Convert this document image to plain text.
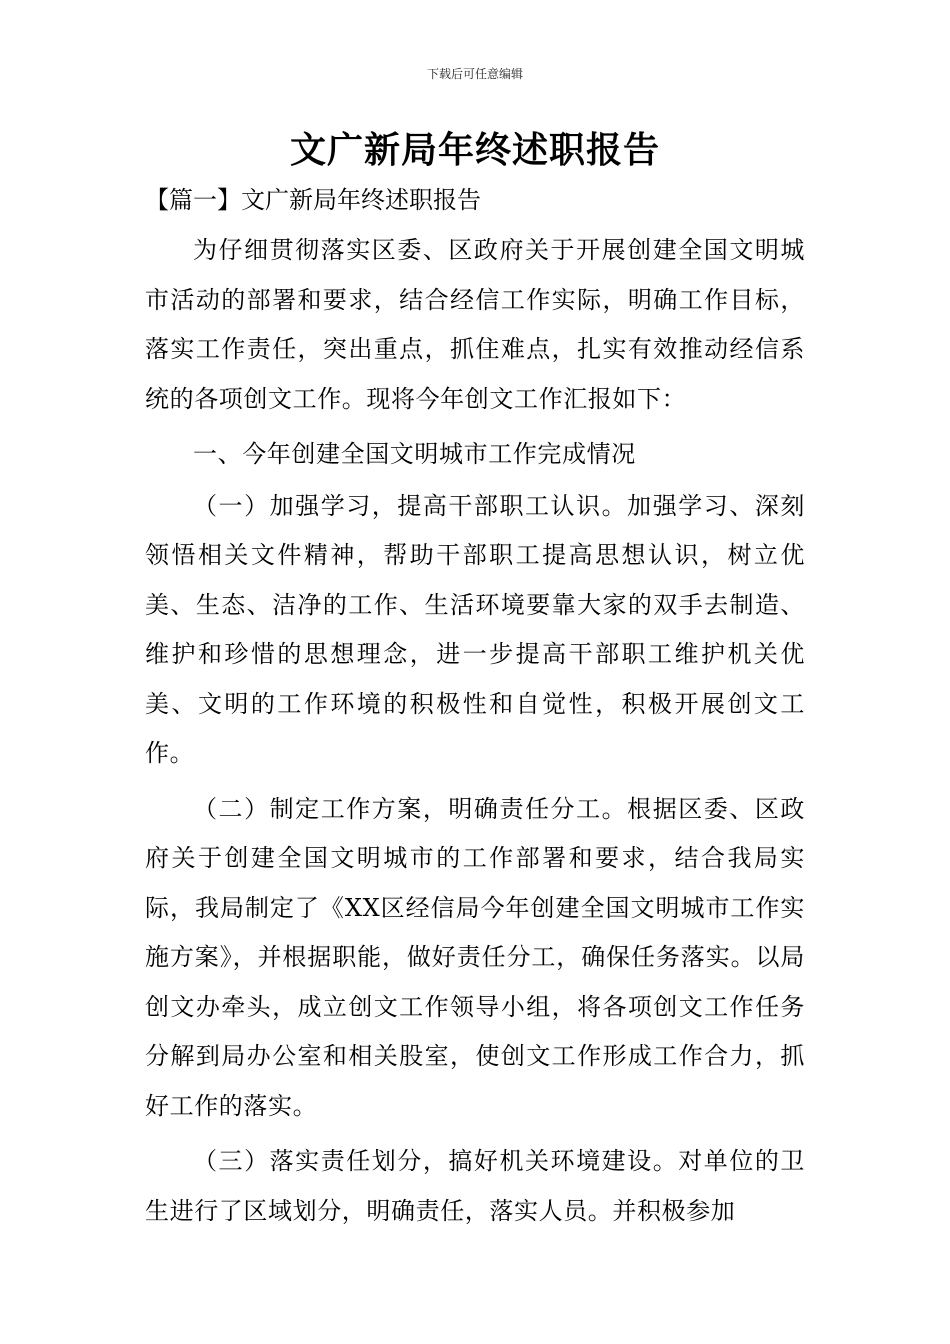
下载后可任意编辑
文广新局年终述职报告
【篇一】文广新局年终述职报告

为仔细贯彻落实区委、区政府关于开展创建全国文明城市活动的部署和要求，结合经信工作实际，明确工作目标，落实工作责任，突出重点，抓住难点，扎实有效推动经信系统的各项创文工作。现将今年创文工作汇报如下：

一、今年创建全国文明城市工作完成情况

（一）加强学习，提高干部职工认识。加强学习、深刻领悟相关文件精神，帮助干部职工提高思想认识，树立优美、生态、洁净的工作、生活环境要靠大家的双手去制造、维护和珍惜的思想理念，进一步提高干部职工维护机关优美、文明的工作环境的积极性和自觉性，积极开展创文工作。

（二）制定工作方案，明确责任分工。根据区委、区政府关于创建全国文明城市的工作部署和要求，结合我局实际，我局制定了《XX区经信局今年创建全国文明城市工作实施方案》，并根据职能，做好责任分工，确保任务落实。以局创文办牵头，成立创文工作领导小组，将各项创文工作任务分解到局办公室和相关股室，使创文工作形成工作合力，抓好工作的落实。

（三）落实责任划分，搞好机关环境建设。对单位的卫生进行了区域划分，明确责任，落实人员。并积极参加
